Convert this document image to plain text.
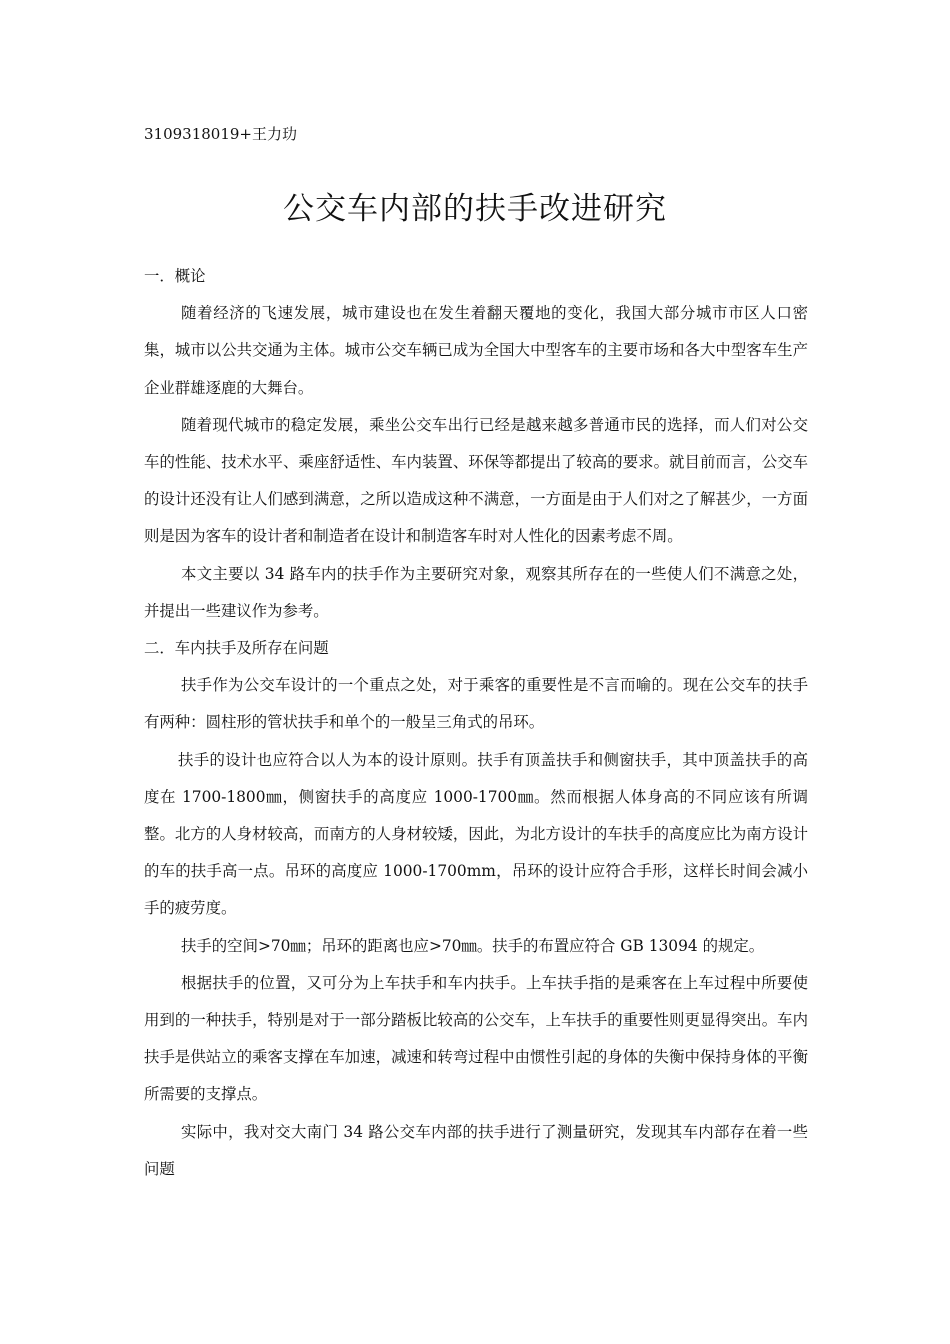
3109318019+王力玏
公交车内部的扶手改进研究

一．概论

随着经济的飞速发展，城市建设也在发生着翻天覆地的变化，我国大部分城市市区人口密集，城市以公共交通为主体。城市公交车辆已成为全国大中型客车的主要市场和各大中型客车生产企业群雄逐鹿的大舞台。

随着现代城市的稳定发展，乘坐公交车出行已经是越来越多普通市民的选择，而人们对公交车的性能、技术水平、乘座舒适性、车内装置、环保等都提出了较高的要求。就目前而言，公交车的设计还没有让人们感到满意，之所以造成这种不满意，一方面是由于人们对之了解甚少，一方面则是因为客车的设计者和制造者在设计和制造客车时对人性化的因素考虑不周。

本文主要以 34 路车内的扶手作为主要研究对象，观察其所存在的一些使人们不满意之处，并提出一些建议作为参考。

二．车内扶手及所存在问题

扶手作为公交车设计的一个重点之处，对于乘客的重要性是不言而喻的。现在公交车的扶手有两种：圆柱形的管状扶手和单个的一般呈三角式的吊环。

扶手的设计也应符合以人为本的设计原则。扶手有顶盖扶手和侧窗扶手，其中顶盖扶手的高度在 1700-1800㎜，侧窗扶手的高度应 1000-1700㎜。然而根据人体身高的不同应该有所调整。北方的人身材较高，而南方的人身材较矮，因此，为北方设计的车扶手的高度应比为南方设计的车的扶手高一点。吊环的高度应 1000-1700mm，吊环的设计应符合手形，这样长时间会减小手的疲劳度。

扶手的空间>70㎜；吊环的距离也应>70㎜。扶手的布置应符合 GB 13094 的规定。

根据扶手的位置，又可分为上车扶手和车内扶手。上车扶手指的是乘客在上车过程中所要使用到的一种扶手，特别是对于一部分踏板比较高的公交车，上车扶手的重要性则更显得突出。车内扶手是供站立的乘客支撑在车加速，减速和转弯过程中由惯性引起的身体的失衡中保持身体的平衡所需要的支撑点。

实际中，我对交大南门 34 路公交车内部的扶手进行了测量研究，发现其车内部存在着一些问题
